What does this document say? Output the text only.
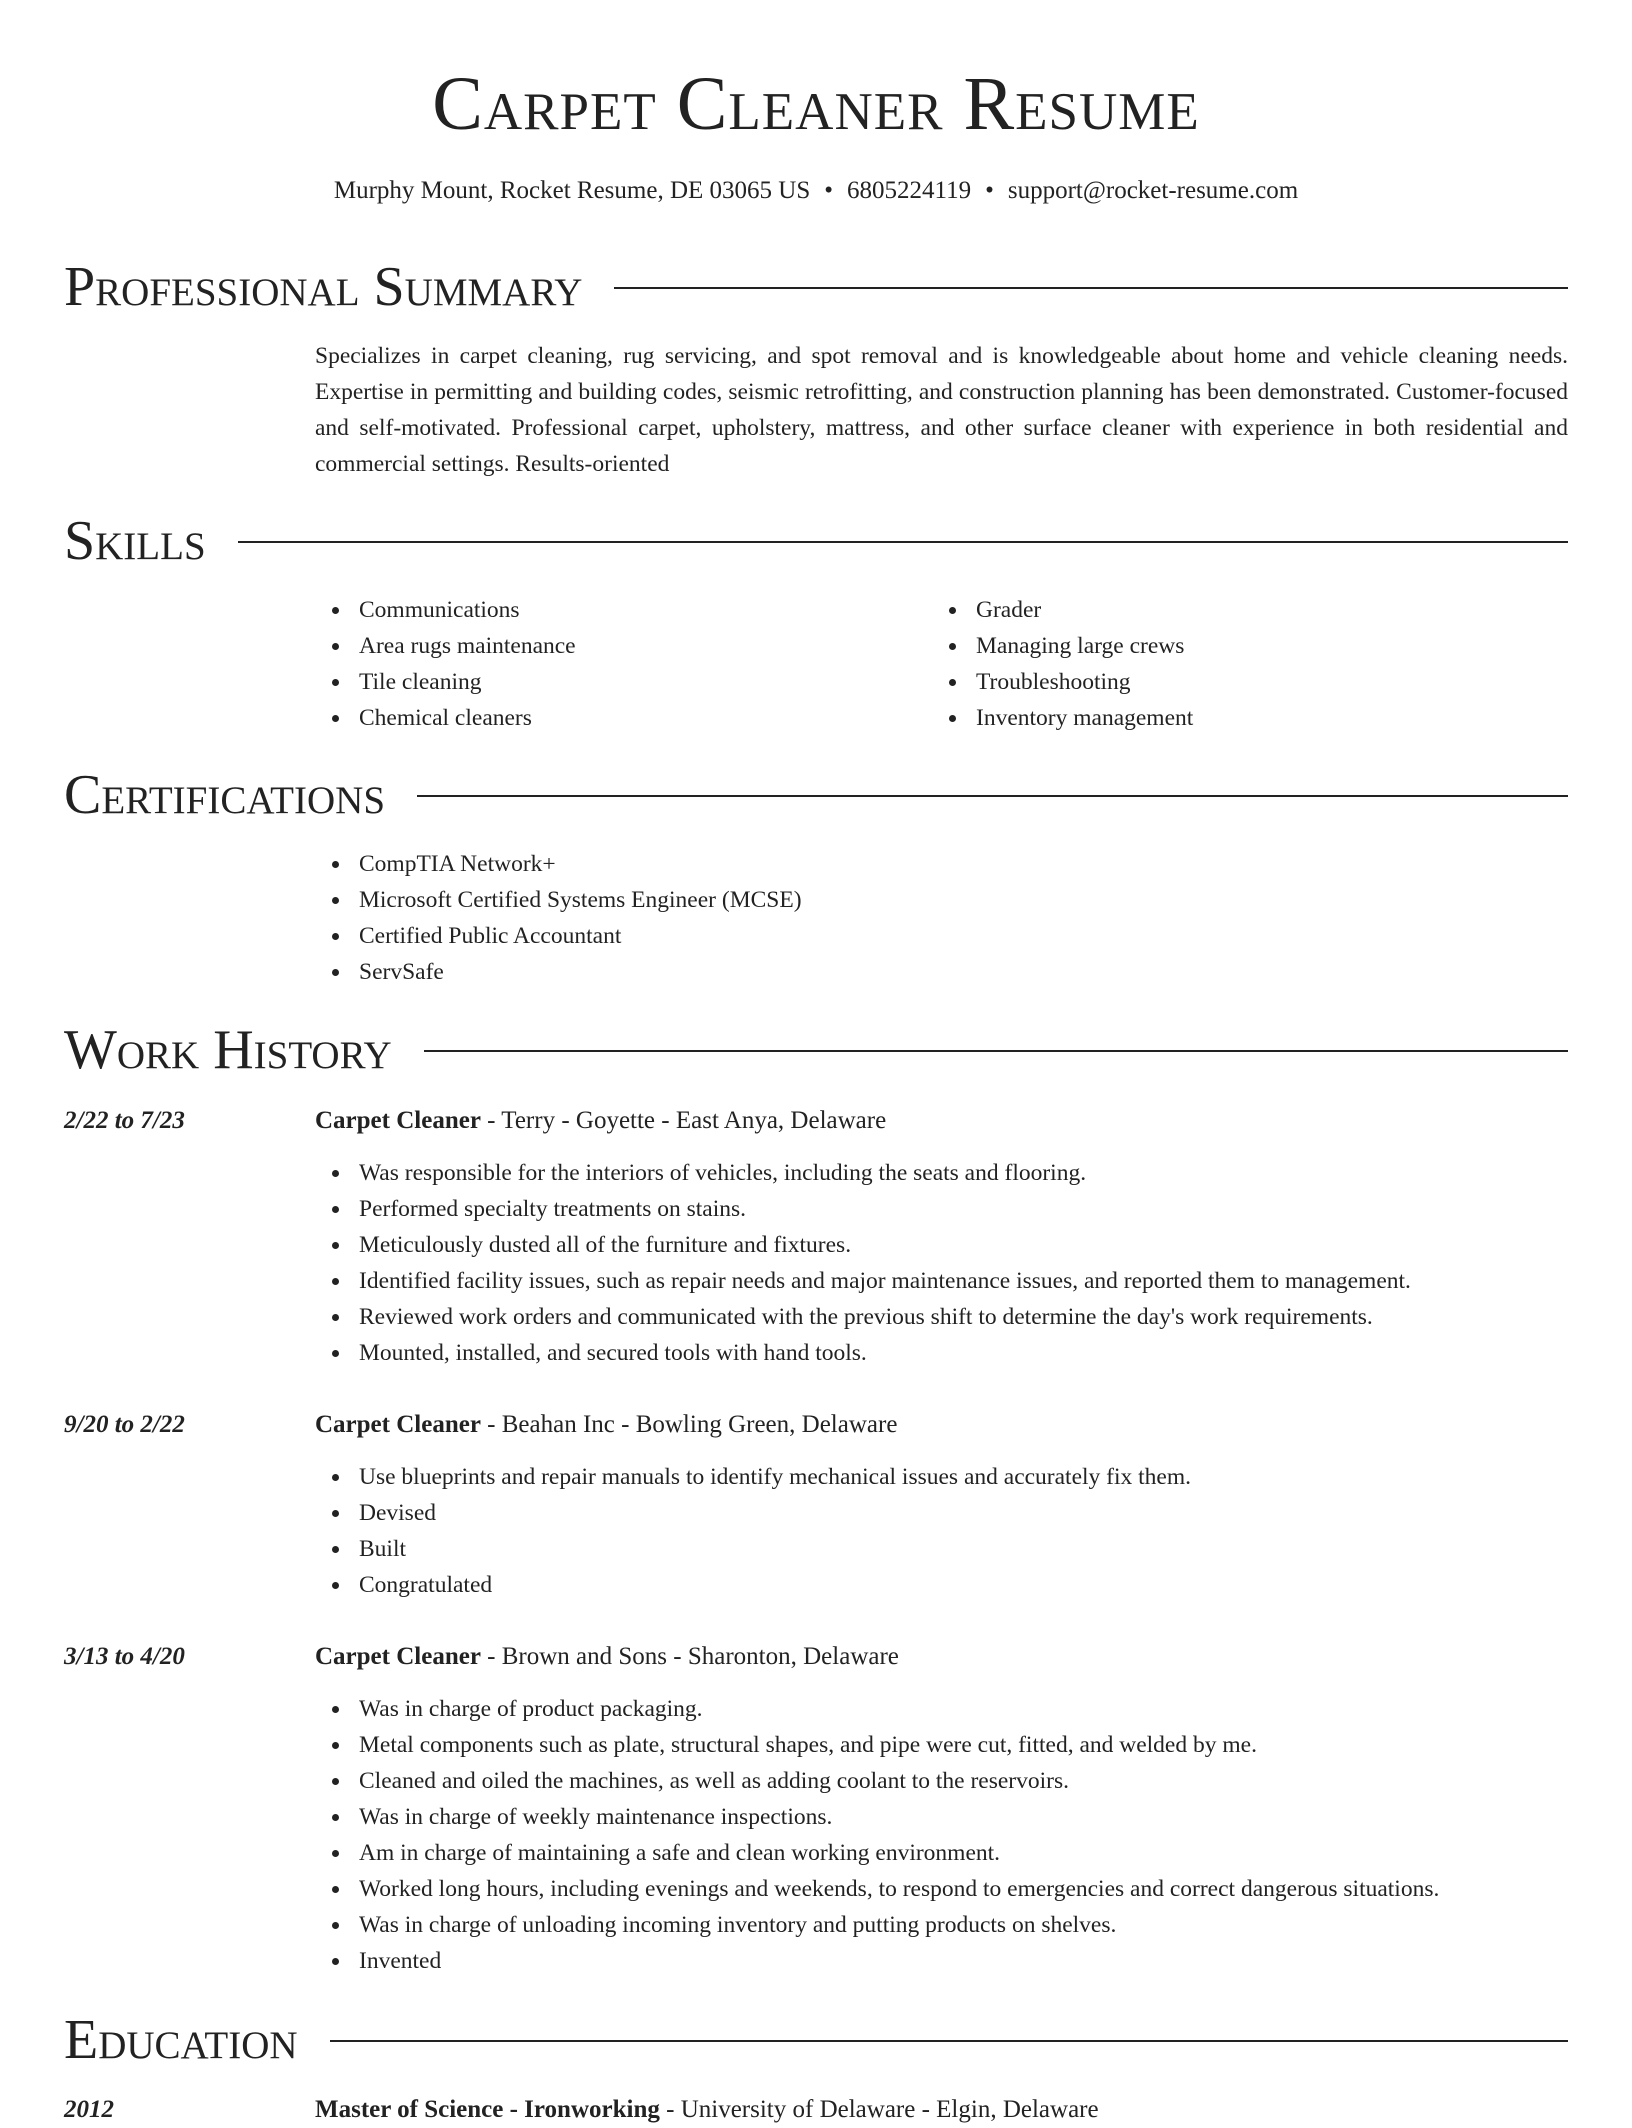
Carpet Cleaner Resume
Murphy Mount, Rocket Resume, DE 03065 US • 6805224119 • support@rocket-resume.com
Professional Summary
Specializes in carpet cleaning, rug servicing, and spot removal and is knowledgeable about home and vehicle cleaning needs. Expertise in permitting and building codes, seismic retrofitting, and construction planning has been demonstrated. Customer-focused and self-motivated. Professional carpet, upholstery, mattress, and other surface cleaner with experience in both residential and commercial settings. Results-oriented
Skills
Communications
Area rugs maintenance
Tile cleaning
Chemical cleaners
Grader
Managing large crews
Troubleshooting
Inventory management
Certifications
CompTIA Network+
Microsoft Certified Systems Engineer (MCSE)
Certified Public Accountant
ServSafe
Work History
2/22 to 7/23	Carpet Cleaner - Terry - Goyette - East Anya, Delaware
Was responsible for the interiors of vehicles, including the seats and flooring.
Performed specialty treatments on stains.
Meticulously dusted all of the furniture and fixtures.
Identified facility issues, such as repair needs and major maintenance issues, and reported them to management.
Reviewed work orders and communicated with the previous shift to determine the day's work requirements.
Mounted, installed, and secured tools with hand tools.
9/20 to 2/22	Carpet Cleaner - Beahan Inc - Bowling Green, Delaware
Use blueprints and repair manuals to identify mechanical issues and accurately fix them.
Devised
Built
Congratulated
3/13 to 4/20	Carpet Cleaner - Brown and Sons - Sharonton, Delaware
Was in charge of product packaging.
Metal components such as plate, structural shapes, and pipe were cut, fitted, and welded by me.
Cleaned and oiled the machines, as well as adding coolant to the reservoirs.
Was in charge of weekly maintenance inspections.
Am in charge of maintaining a safe and clean working environment.
Worked long hours, including evenings and weekends, to respond to emergencies and correct dangerous situations.
Was in charge of unloading incoming inventory and putting products on shelves.
Invented
Education
2012	Master of Science - Ironworking - University of Delaware - Elgin, Delaware
